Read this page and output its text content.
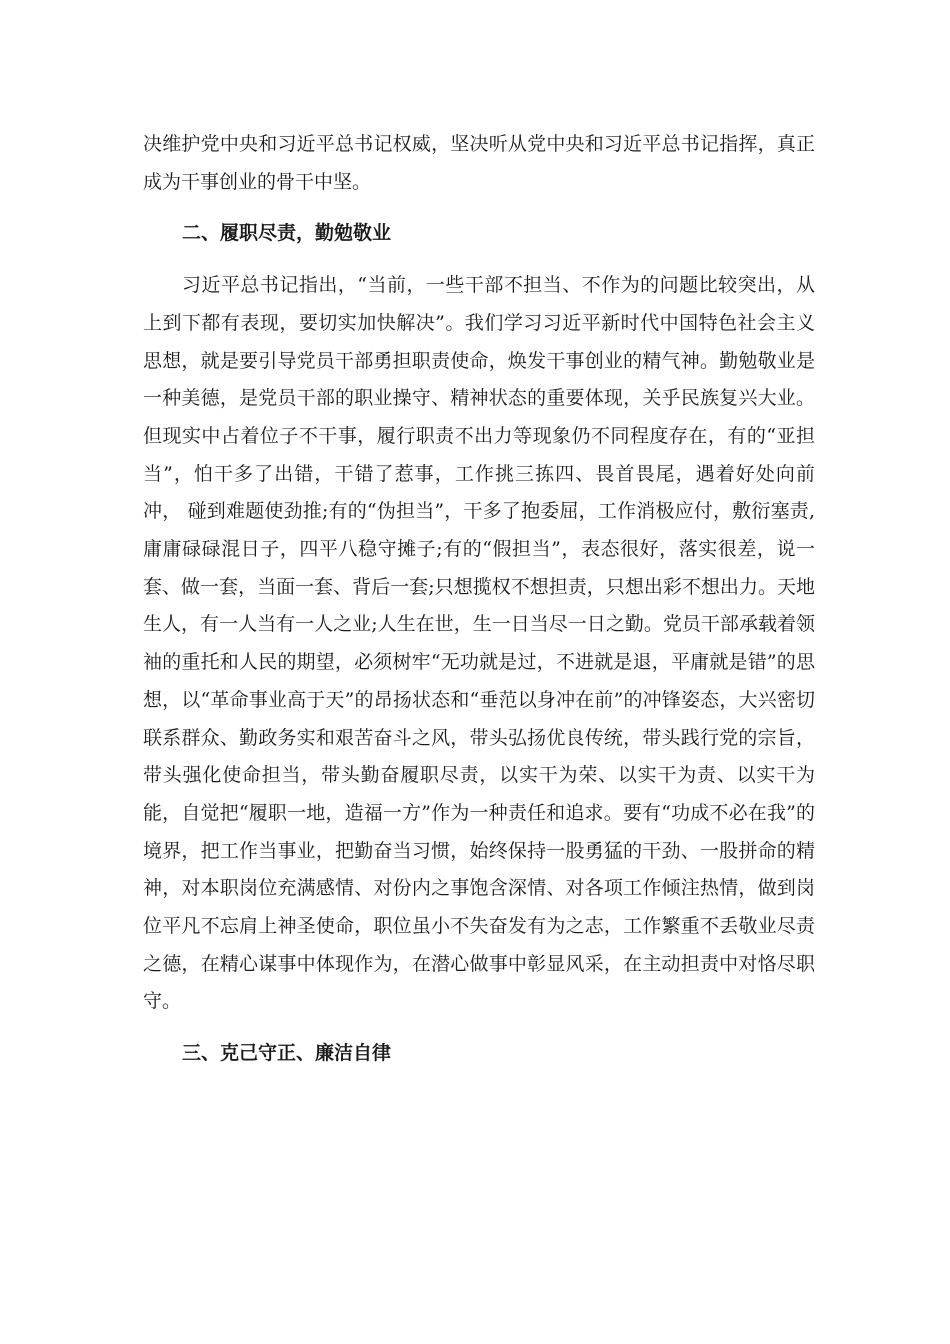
决维护党中央和习近平总书记权威，坚决听从党中央和习近平总书记指挥，真正成为干事创业的骨干中坚。

二、履职尽责，勤勉敬业

习近平总书记指出，“当前，一些干部不担当、不作为的问题比较突出，从上到下都有表现，要切实加快解决”。我们学习习近平新时代中国特色社会主义思想，就是要引导党员干部勇担职责使命，焕发干事创业的精气神。勤勉敬业是一种美德，是党员干部的职业操守、精神状态的重要体现，关乎民族复兴大业。但现实中占着位子不干事，履行职责不出力等现象仍不同程度存在，有的“亚担当”，怕干多了出错，干错了惹事，工作挑三拣四、畏首畏尾，遇着好处向前冲， 碰到难题使劲推;有的“伪担当”，干多了抱委屈，工作消极应付，敷衍塞责, 庸庸碌碌混日子，四平八稳守摊子;有的“假担当”，表态很好，落实很差，说一套、做一套，当面一套、背后一套;只想揽权不想担责，只想出彩不想出力。天地生人，有一人当有一人之业;人生在世，生一日当尽一日之勤。党员干部承载着领袖的重托和人民的期望，必须树牢“无功就是过，不进就是退，平庸就是错”的思想，以“革命事业高于天”的昂扬状态和“垂范以身冲在前”的冲锋姿态，大兴密切联系群众、勤政务实和艰苦奋斗之风，带头弘扬优良传统，带头践行党的宗旨，带头强化使命担当，带头勤奋履职尽责，以实干为荣、以实干为责、以实干为能，自觉把“履职一地，造福一方”作为一种责任和追求。要有“功成不必在我”的境界，把工作当事业，把勤奋当习惯，始终保持一股勇猛的干劲、一股拼命的精神，对本职岗位充满感情、对份内之事饱含深情、对各项工作倾注热情，做到岗位平凡不忘肩上神圣使命，职位虽小不失奋发有为之志，工作繁重不丢敬业尽责之德，在精心谋事中体现作为，在潜心做事中彰显风采，在主动担责中对恪尽职守。

三、克己守正、廉洁自律
